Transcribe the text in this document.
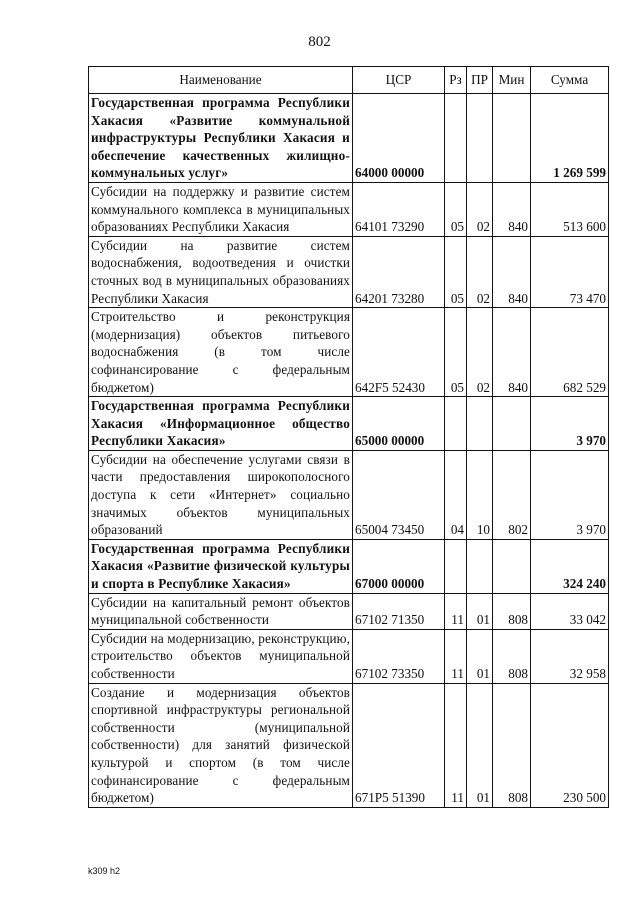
802
Наименование	ЦСР	Рз	ПР	Мин	Сумма
Государственная программа Республики Хакасия «Развитие коммунальной инфраструктуры Республики Хакасия и обеспечение качественных жилищно-коммунальных услуг»	64000 00000				1 269 599
Субсидии на поддержку и развитие систем коммунального комплекса в муниципальных образованиях Республики Хакасия	64101 73290	05	02	840	513 600
Субсидии на развитие систем водоснабжения, водоотведения и очистки сточных вод в муниципальных образованиях Республики Хакасия	64201 73280	05	02	840	73 470
Строительство и реконструкция (модернизация) объектов питьевого водоснабжения (в том числе софинансирование с федеральным бюджетом)	642F5 52430	05	02	840	682 529
Государственная программа Республики Хакасия «Информационное общество Республики Хакасия»	65000 00000				3 970
Субсидии на обеспечение услугами связи в части предоставления широкополосного доступа к сети «Интернет» социально значимых объектов муниципальных образований	65004 73450	04	10	802	3 970
Государственная программа Республики Хакасия «Развитие физической культуры и спорта в Республике Хакасия»	67000 00000				324 240
Субсидии на капитальный ремонт объектов муниципальной собственности	67102 71350	11	01	808	33 042
Субсидии на модернизацию, реконструкцию, строительство объектов муниципальной собственности	67102 73350	11	01	808	32 958
Создание и модернизация объектов спортивной инфраструктуры региональной собственности (муниципальной собственности) для занятий физической культурой и спортом (в том числе софинансирование с федеральным бюджетом)	671P5 51390	11	01	808	230 500
k309 h2
